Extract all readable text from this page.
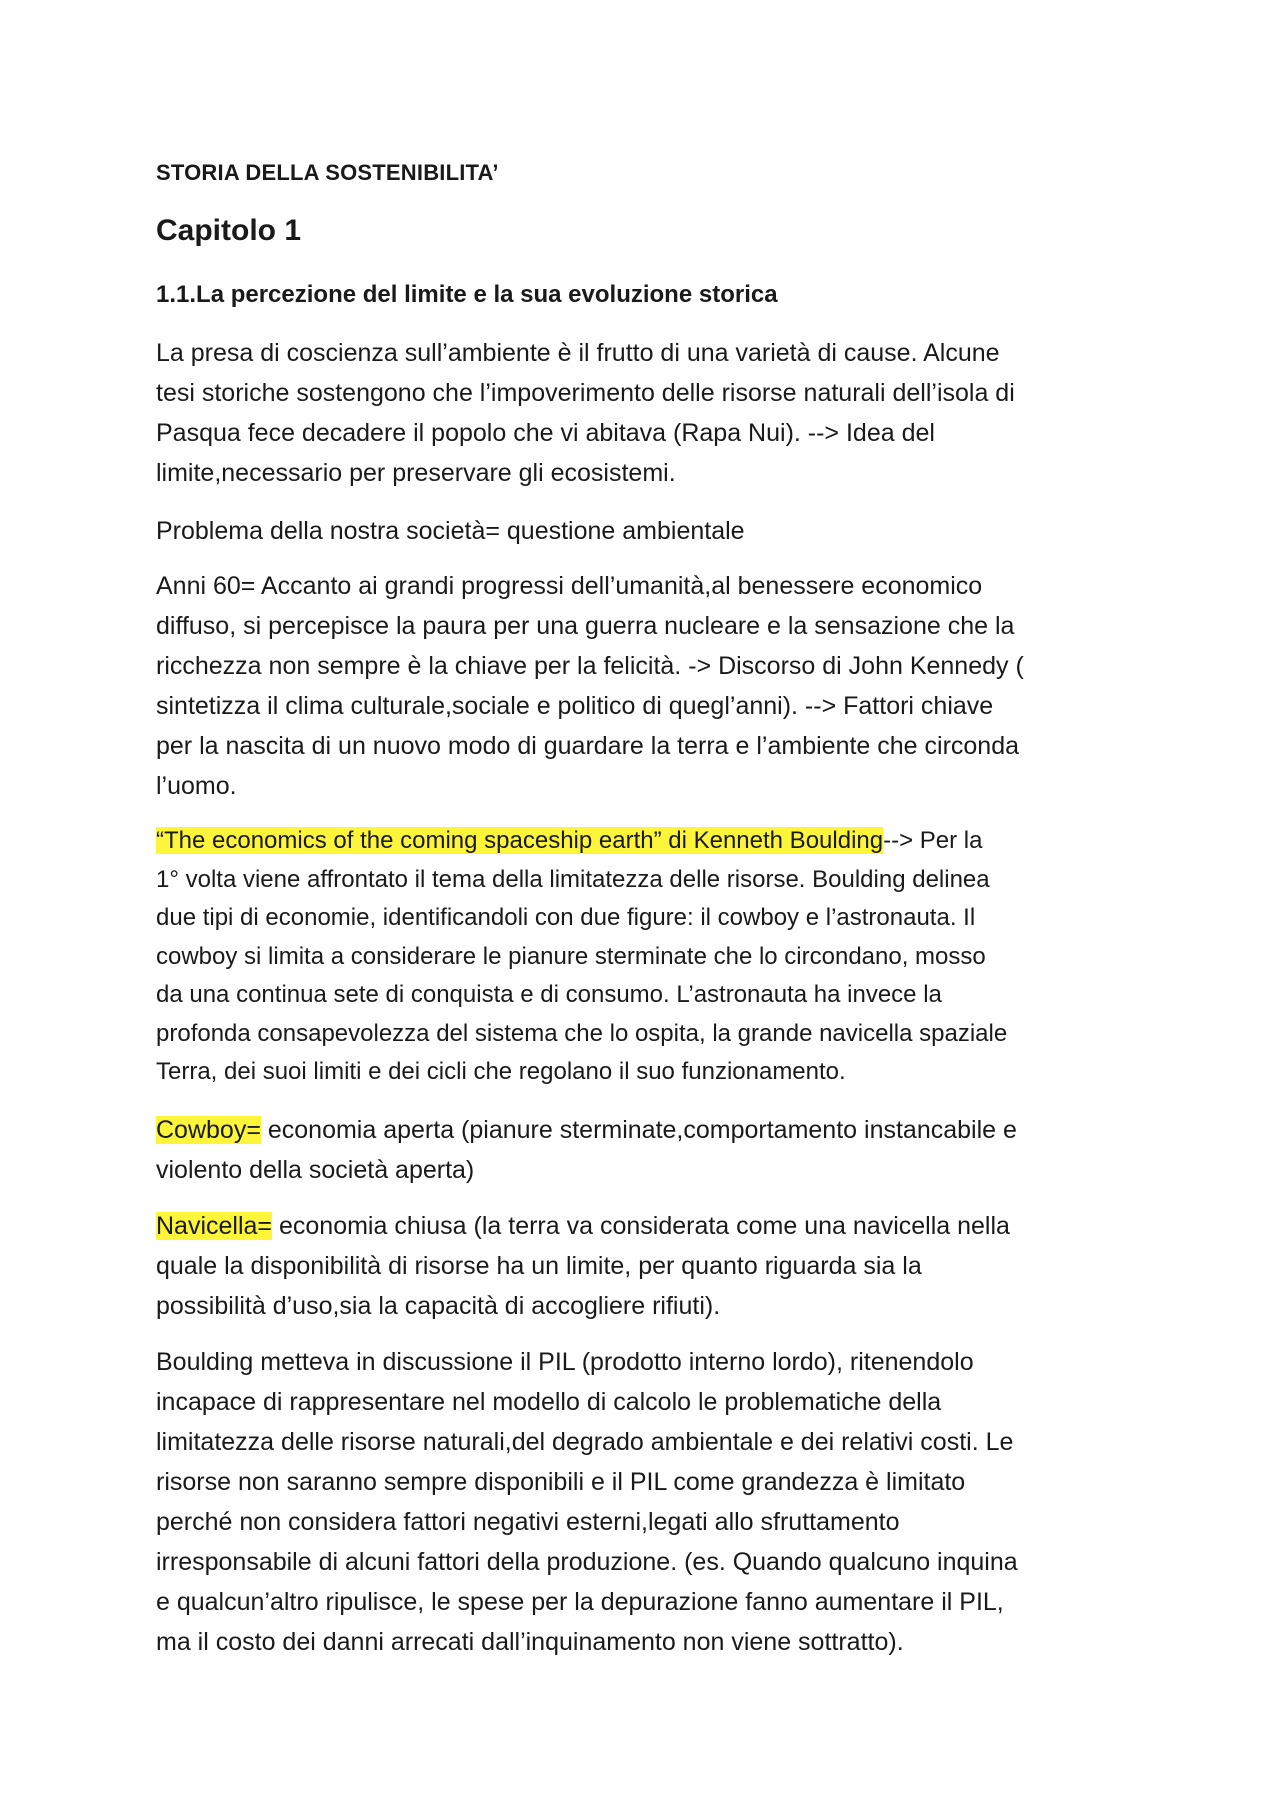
STORIA DELLA SOSTENIBILITA’
Capitolo 1
1.1.La percezione del limite e la sua evoluzione storica

La presa di coscienza sull’ambiente è il frutto di una varietà di cause. Alcune
tesi storiche sostengono che l’impoverimento delle risorse naturali dell’isola di
Pasqua fece decadere il popolo che vi abitava (Rapa Nui). --> Idea del
limite,necessario per preservare gli ecosistemi.

Problema della nostra società= questione ambientale

Anni 60= Accanto ai grandi progressi dell’umanità,al benessere economico
diffuso, si percepisce la paura per una guerra nucleare e la sensazione che la
ricchezza non sempre è la chiave per la felicità. -> Discorso di John Kennedy (
sintetizza il clima culturale,sociale e politico di quegl’anni). --> Fattori chiave
per la nascita di un nuovo modo di guardare la terra e l’ambiente che circonda
l’uomo.

“The economics of the coming spaceship earth” di Kenneth Boulding--> Per la
1° volta viene affrontato il tema della limitatezza delle risorse. Boulding delinea
due tipi di economie, identificandoli con due figure: il cowboy e l’astronauta. Il
cowboy si limita a considerare le pianure sterminate che lo circondano, mosso
da una continua sete di conquista e di consumo. L’astronauta ha invece la
profonda consapevolezza del sistema che lo ospita, la grande navicella spaziale
Terra, dei suoi limiti e dei cicli che regolano il suo funzionamento.

Cowboy= economia aperta (pianure sterminate,comportamento instancabile e
violento della società aperta)

Navicella= economia chiusa (la terra va considerata come una navicella nella
quale la disponibilità di risorse ha un limite, per quanto riguarda sia la
possibilità d’uso,sia la capacità di accogliere rifiuti).

Boulding metteva in discussione il PIL (prodotto interno lordo), ritenendolo
incapace di rappresentare nel modello di calcolo le problematiche della
limitatezza delle risorse naturali,del degrado ambientale e dei relativi costi. Le
risorse non saranno sempre disponibili e il PIL come grandezza è limitato
perché non considera fattori negativi esterni,legati allo sfruttamento
irresponsabile di alcuni fattori della produzione. (es. Quando qualcuno inquina
e qualcun’altro ripulisce, le spese per la depurazione fanno aumentare il PIL,
ma il costo dei danni arrecati dall’inquinamento non viene sottratto).
